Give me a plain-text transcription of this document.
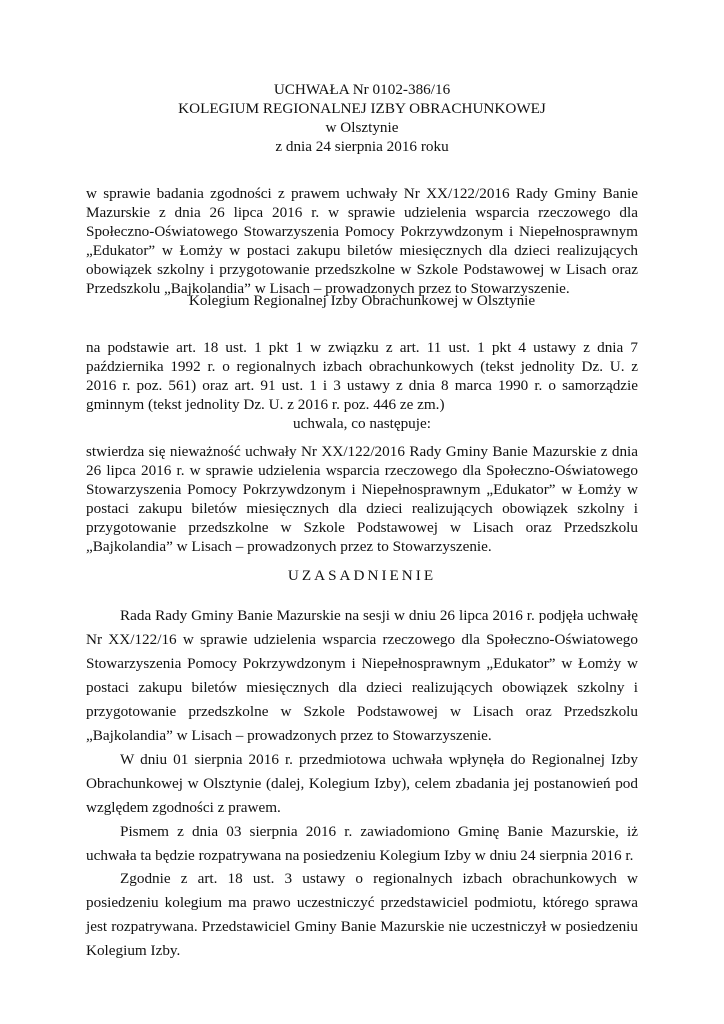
UCHWAŁA Nr 0102-386/16
KOLEGIUM REGIONALNEJ IZBY OBRACHUNKOWEJ
w Olsztynie
z dnia 24 sierpnia 2016 roku
w sprawie badania zgodności z prawem uchwały Nr XX/122/2016 Rady Gminy Banie Mazurskie z dnia 26 lipca 2016 r. w sprawie udzielenia wsparcia rzeczowego dla Społeczno-Oświatowego Stowarzyszenia Pomocy Pokrzywdzonym i Niepełnosprawnym „Edukator” w Łomży w postaci zakupu biletów miesięcznych dla dzieci realizujących obowiązek szkolny i przygotowanie przedszkolne w Szkole Podstawowej w Lisach oraz Przedszkolu „Bajkolandia” w Lisach – prowadzonych przez to Stowarzyszenie.
Kolegium Regionalnej Izby Obrachunkowej w Olsztynie
na podstawie art. 18 ust. 1 pkt 1 w związku z art. 11 ust. 1 pkt 4 ustawy z dnia 7 października 1992 r. o regionalnych izbach obrachunkowych (tekst jednolity Dz. U. z 2016 r. poz. 561) oraz art. 91 ust. 1 i 3 ustawy z dnia 8 marca 1990 r. o samorządzie gminnym (tekst jednolity Dz. U. z 2016 r. poz. 446 ze zm.)
uchwala, co następuje:
stwierdza się nieważność uchwały Nr XX/122/2016 Rady Gminy Banie Mazurskie z dnia 26 lipca 2016 r. w sprawie udzielenia wsparcia rzeczowego dla Społeczno-Oświatowego Stowarzyszenia Pomocy Pokrzywdzonym i Niepełnosprawnym „Edukator” w Łomży w postaci zakupu biletów miesięcznych dla dzieci realizujących obowiązek szkolny i przygotowanie przedszkolne w Szkole Podstawowej w Lisach oraz Przedszkolu „Bajkolandia” w Lisach – prowadzonych przez to Stowarzyszenie.
UZASADNIENIE
Rada Rady Gminy Banie Mazurskie na sesji w dniu 26 lipca 2016 r. podjęła uchwałę Nr XX/122/16 w sprawie udzielenia wsparcia rzeczowego dla Społeczno-Oświatowego Stowarzyszenia Pomocy Pokrzywdzonym i Niepełnosprawnym „Edukator” w Łomży w postaci zakupu biletów miesięcznych dla dzieci realizujących obowiązek szkolny i przygotowanie przedszkolne w Szkole Podstawowej w Lisach oraz Przedszkolu „Bajkolandia” w Lisach – prowadzonych przez to Stowarzyszenie.
W dniu 01 sierpnia 2016 r. przedmiotowa uchwała wpłynęła do Regionalnej Izby Obrachunkowej w Olsztynie (dalej, Kolegium Izby), celem zbadania jej postanowień pod względem zgodności z prawem.
Pismem z dnia 03 sierpnia 2016 r. zawiadomiono Gminę Banie Mazurskie, iż uchwała ta będzie rozpatrywana na posiedzeniu Kolegium Izby w dniu 24 sierpnia 2016 r.
Zgodnie z art. 18 ust. 3 ustawy o regionalnych izbach obrachunkowych w posiedzeniu kolegium ma prawo uczestniczyć przedstawiciel podmiotu, którego sprawa jest rozpatrywana. Przedstawiciel Gminy Banie Mazurskie nie uczestniczył w posiedzeniu Kolegium Izby.
